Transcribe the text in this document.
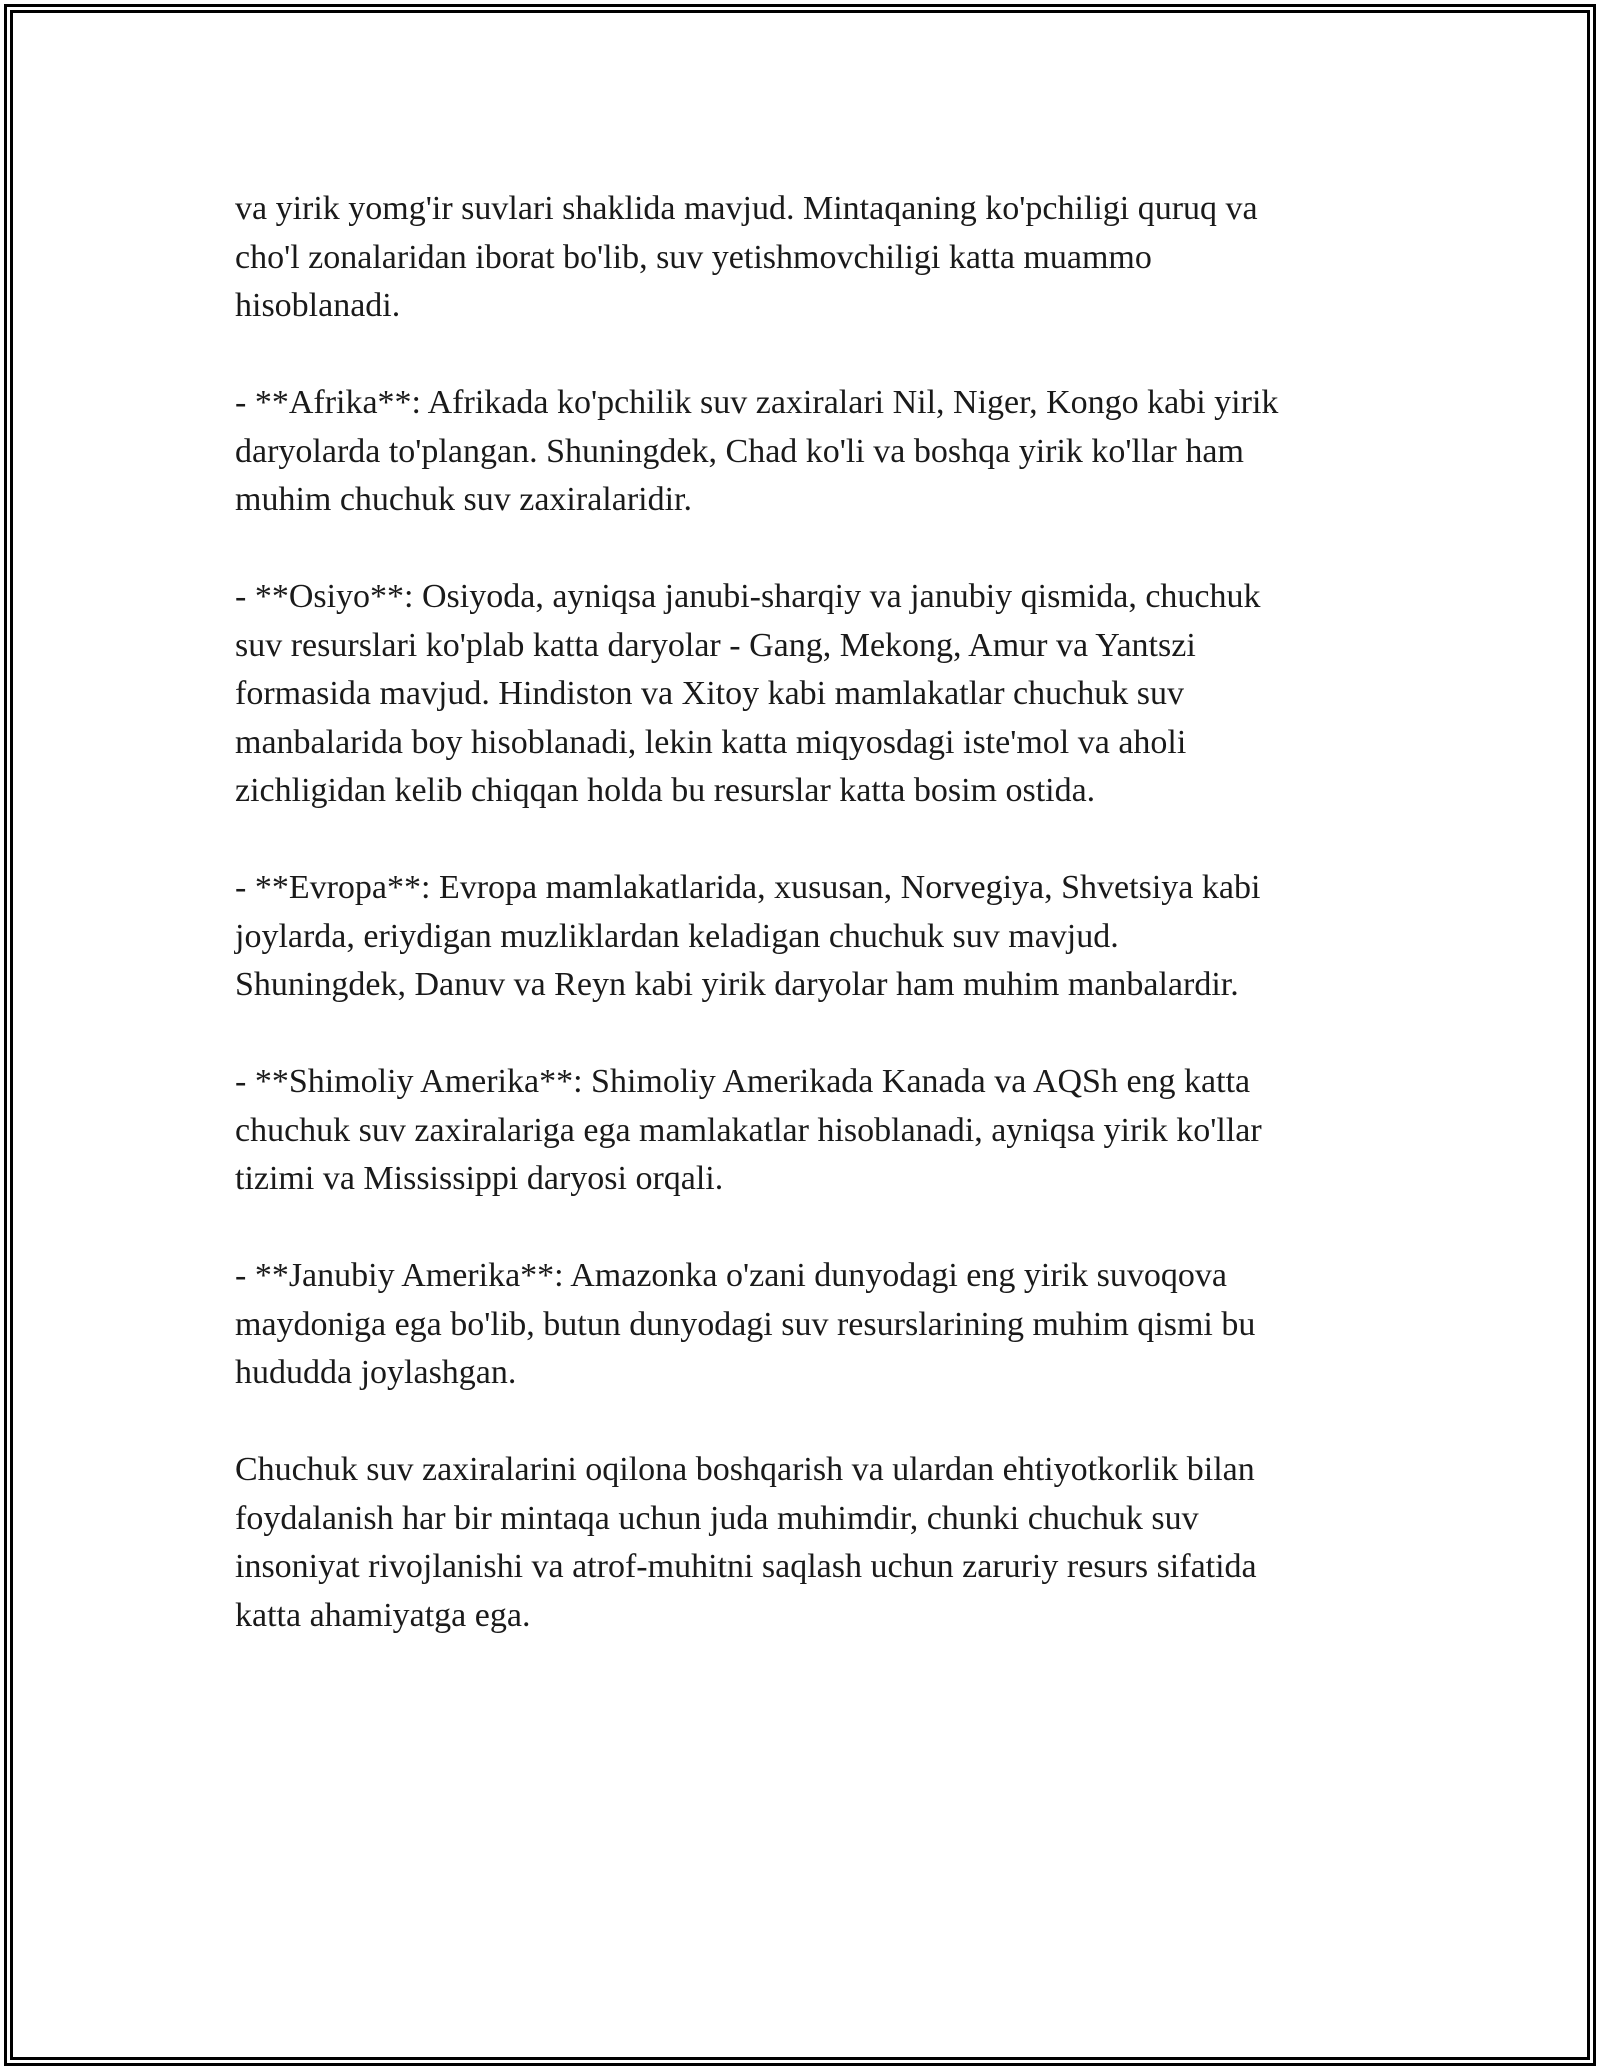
va yirik yomg'ir suvlari shaklida mavjud. Mintaqaning ko'pchiligi quruq va
cho'l zonalaridan iborat bo'lib, suv yetishmovchiligi katta muammo
hisoblanadi.

- **Afrika**: Afrikada ko'pchilik suv zaxiralari Nil, Niger, Kongo kabi yirik
daryolarda to'plangan. Shuningdek, Chad ko'li va boshqa yirik ko'llar ham
muhim chuchuk suv zaxiralaridir.

- **Osiyo**: Osiyoda, ayniqsa janubi-sharqiy va janubiy qismida, chuchuk
suv resurslari ko'plab katta daryolar - Gang, Mekong, Amur va Yantszi
formasida mavjud. Hindiston va Xitoy kabi mamlakatlar chuchuk suv
manbalarida boy hisoblanadi, lekin katta miqyosdagi iste'mol va aholi
zichligidan kelib chiqqan holda bu resurslar katta bosim ostida.

- **Evropa**: Evropa mamlakatlarida, xususan, Norvegiya, Shvetsiya kabi
joylarda, eriydigan muzliklardan keladigan chuchuk suv mavjud.
Shuningdek, Danuv va Reyn kabi yirik daryolar ham muhim manbalardir.

- **Shimoliy Amerika**: Shimoliy Amerikada Kanada va AQSh eng katta
chuchuk suv zaxiralariga ega mamlakatlar hisoblanadi, ayniqsa yirik ko'llar
tizimi va Mississippi daryosi orqali.

- **Janubiy Amerika**: Amazonka o'zani dunyodagi eng yirik suvoqova
maydoniga ega bo'lib, butun dunyodagi suv resurslarining muhim qismi bu
hududda joylashgan.

Chuchuk suv zaxiralarini oqilona boshqarish va ulardan ehtiyotkorlik bilan
foydalanish har bir mintaqa uchun juda muhimdir, chunki chuchuk suv
insoniyat rivojlanishi va atrof-muhitni saqlash uchun zaruriy resurs sifatida
katta ahamiyatga ega.
